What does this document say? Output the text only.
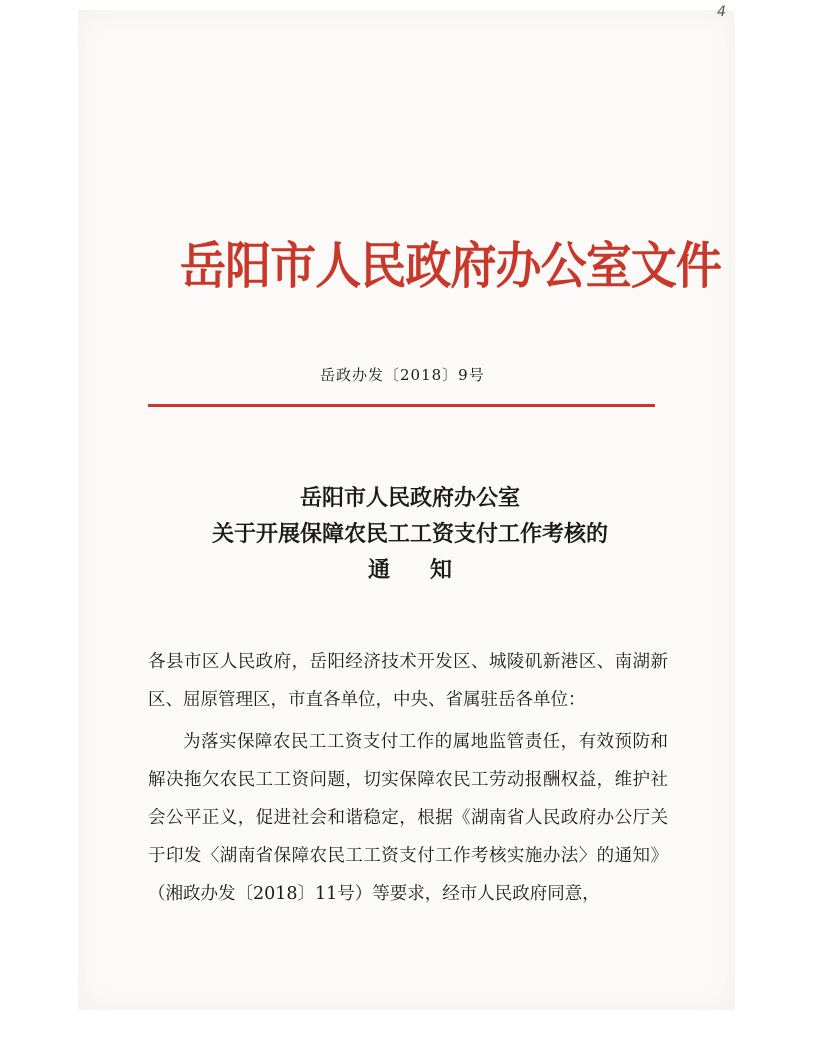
4
岳阳市人民政府办公室文件
岳政办发〔2018〕9号
岳阳市人民政府办公室
关于开展保障农民工工资支付工作考核的
通知

各县市区人民政府，岳阳经济技术开发区、城陵矶新港区、南湖新区、屈原管理区，市直各单位，中央、省属驻岳各单位：

为落实保障农民工工资支付工作的属地监管责任，有效预防和解决拖欠农民工工资问题，切实保障农民工劳动报酬权益，维护社会公平正义，促进社会和谐稳定，根据《湖南省人民政府办公厅关于印发〈湖南省保障农民工工资支付工作考核实施办法〉的通知》（湘政办发〔2018〕11号）等要求，经市人民政府同意，
